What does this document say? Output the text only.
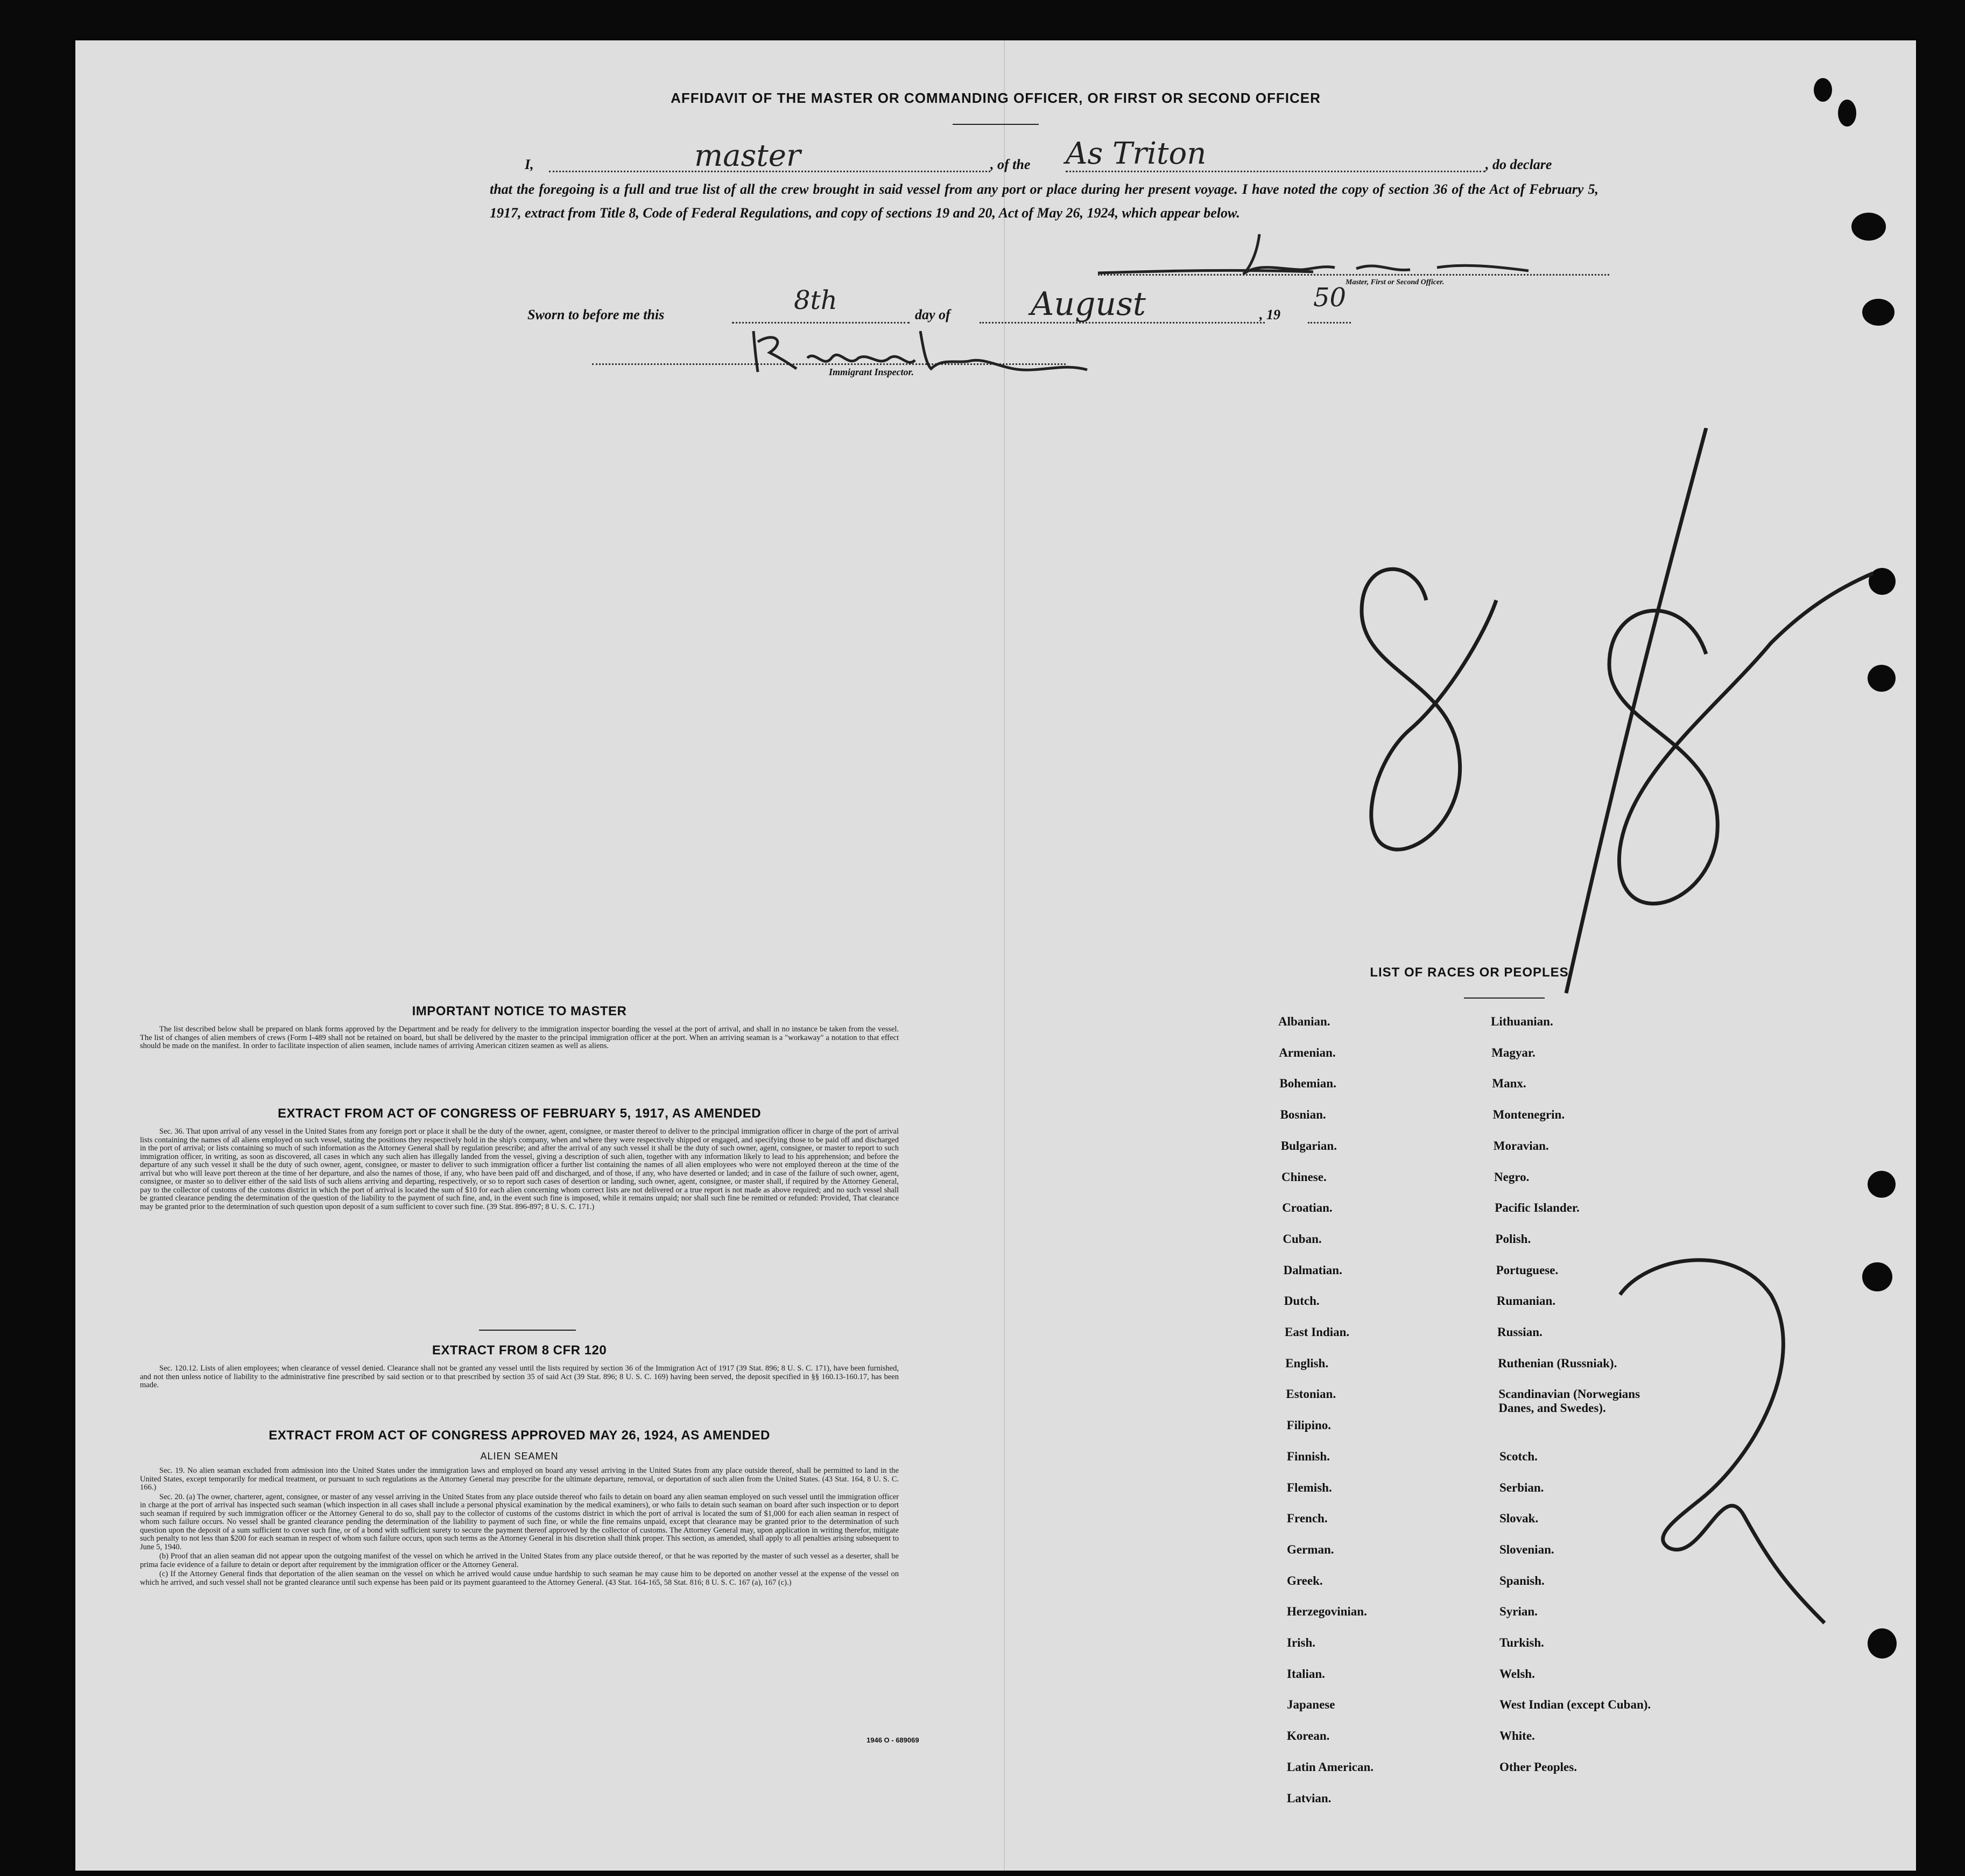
AFFIDAVIT OF THE MASTER OR COMMANDING OFFICER, OR FIRST OR SECOND OFFICER
I,	master	, of the As Triton	, do declare
that the foregoing is a full and true list of all the crew brought in said vessel from any port or place during her present voyage. I have noted the copy of section 36 of the Act of February 5, 1917, extract from Title 8, Code of Federal Regulations, and copy of sections 19 and 20, Act of May 26, 1924, which appear below.
Master, First or Second Officer.
Sworn to before me this	8th	day of August	, 19
50
Immigrant Inspector.
IMPORTANT NOTICE TO MASTER

The list described below shall be prepared on blank forms approved by the Department and be ready for delivery to the immigration inspector boarding the vessel at the port of arrival, and shall in no instance be taken from the vessel. The list of changes of alien members of crews (Form I-489 shall not be retained on board, but shall be delivered by the master to the principal immigration officer at the port. When an arriving seaman is a "workaway" a notation to that effect should be made on the manifest. In order to facilitate inspection of alien seamen, include names of arriving American citizen seamen as well as aliens.

EXTRACT FROM ACT OF CONGRESS OF FEBRUARY 5, 1917, AS AMENDED

Sec. 36. That upon arrival of any vessel in the United States from any foreign port or place it shall be the duty of the owner, agent, consignee, or master thereof to deliver to the principal immigration officer in charge of the port of arrival lists containing the names of all aliens employed on such vessel, stating the positions they respectively hold in the ship's company, when and where they were respectively shipped or engaged, and specifying those to be paid off and discharged in the port of arrival; or lists containing so much of such information as the Attorney General shall by regulation prescribe; and after the arrival of any such vessel it shall be the duty of such owner, agent, consignee, or master to report to such immigration officer, in writing, as soon as discovered, all cases in which any such alien has illegally landed from the vessel, giving a description of such alien, together with any information likely to lead to his apprehension; and before the departure of any such vessel it shall be the duty of such owner, agent, consignee, or master to deliver to such immigration officer a further list containing the names of all alien employees who were not employed thereon at the time of the arrival but who will leave port thereon at the time of her departure, and also the names of those, if any, who have been paid off and discharged, and of those, if any, who have deserted or landed; and in case of the failure of such owner, agent, consignee, or master so to deliver either of the said lists of such aliens arriving and departing, respectively, or so to report such cases of desertion or landing, such owner, agent, consignee, or master shall, if required by the Attorney General, pay to the collector of customs of the customs district in which the port of arrival is located the sum of $10 for each alien concerning whom correct lists are not delivered or a true report is not made as above required; and no such vessel shall be granted clearance pending the determination of the question of the liability to the payment of such fine, and, in the event such fine is imposed, while it remains unpaid; nor shall such fine be remitted or refunded: Provided, That clearance may be granted prior to the determination of such question upon deposit of a sum sufficient to cover such fine. (39 Stat. 896-897; 8 U. S. C. 171.)

EXTRACT FROM 8 CFR 120

Sec. 120.12. Lists of alien employees; when clearance of vessel denied. Clearance shall not be granted any vessel until the lists required by section 36 of the Immigration Act of 1917 (39 Stat. 896; 8 U. S. C. 171), have been furnished, and not then unless notice of liability to the administrative fine prescribed by said section or to that prescribed by section 35 of said Act (39 Stat. 896; 8 U. S. C. 169) having been served, the deposit specified in §§ 160.13-160.17, has been made.

EXTRACT FROM ACT OF CONGRESS APPROVED MAY 26, 1924, AS AMENDED
ALIEN SEAMEN

Sec. 19. No alien seaman excluded from admission into the United States under the immigration laws and employed on board any vessel arriving in the United States from any place outside thereof, shall be permitted to land in the United States, except temporarily for medical treatment, or pursuant to such regulations as the Attorney General may prescribe for the ultimate departure, removal, or deportation of such alien from the United States. (43 Stat. 164, 8 U. S. C. 166.)

Sec. 20. (a) The owner, charterer, agent, consignee, or master of any vessel arriving in the United States from any place outside thereof who fails to detain on board any alien seaman employed on such vessel until the immigration officer in charge at the port of arrival has inspected such seaman (which inspection in all cases shall include a personal physical examination by the medical examiners), or who fails to detain such seaman on board after such inspection or to deport such seaman if required by such immigration officer or the Attorney General to do so, shall pay to the collector of customs of the customs district in which the port of arrival is located the sum of $1,000 for each alien seaman in respect of whom such failure occurs. No vessel shall be granted clearance pending the determination of the liability to payment of such fine, or while the fine remains unpaid, except that clearance may be granted prior to the determination of such question upon the deposit of a sum sufficient to cover such fine, or of a bond with sufficient surety to secure the payment thereof approved by the collector of customs. The Attorney General may, upon application in writing therefor, mitigate such penalty to not less than $200 for each seaman in respect of whom such failure occurs, upon such terms as the Attorney General in his discretion shall think proper. This section, as amended, shall apply to all penalties arising subsequent to June 5, 1940.

(b) Proof that an alien seaman did not appear upon the outgoing manifest of the vessel on which he arrived in the United States from any place outside thereof, or that he was reported by the master of such vessel as a deserter, shall be prima facie evidence of a failure to detain or deport after requirement by the immigration officer or the Attorney General.

(c) If the Attorney General finds that deportation of the alien seaman on the vessel on which he arrived would cause undue hardship to such seaman he may cause him to be deported on another vessel at the expense of the vessel on which he arrived, and such vessel shall not be granted clearance until such expense has been paid or its payment guaranteed to the Attorney General. (43 Stat. 164-165, 58 Stat. 816; 8 U. S. C. 167 (a), 167 (c).)

1946 O - 689069
LIST OF RACES OR PEOPLES
Albanian.
Armenian.
Bohemian.
Bosnian.
Bulgarian.
Chinese.
Croatian.
Cuban.
Dalmatian.
Dutch.
East Indian.
English.
Estonian.
Filipino.
Finnish.
Flemish.
French.
German.
Greek.
Herzegovinian.
Irish.
Italian.
Japanese
Korean.
Latin American.
Latvian.
Lithuanian.
Magyar.
Manx.
Montenegrin.
Moravian.
Negro.
Pacific Islander.
Polish.
Portuguese.
Rumanian.
Russian.
Ruthenian (Russniak).
Scandinavian (Norwegians
Danes, and Swedes).
Scotch.
Serbian.
Slovak.
Slovenian.
Spanish.
Syrian.
Turkish.
Welsh.
West Indian (except Cuban).
White.
Other Peoples.
